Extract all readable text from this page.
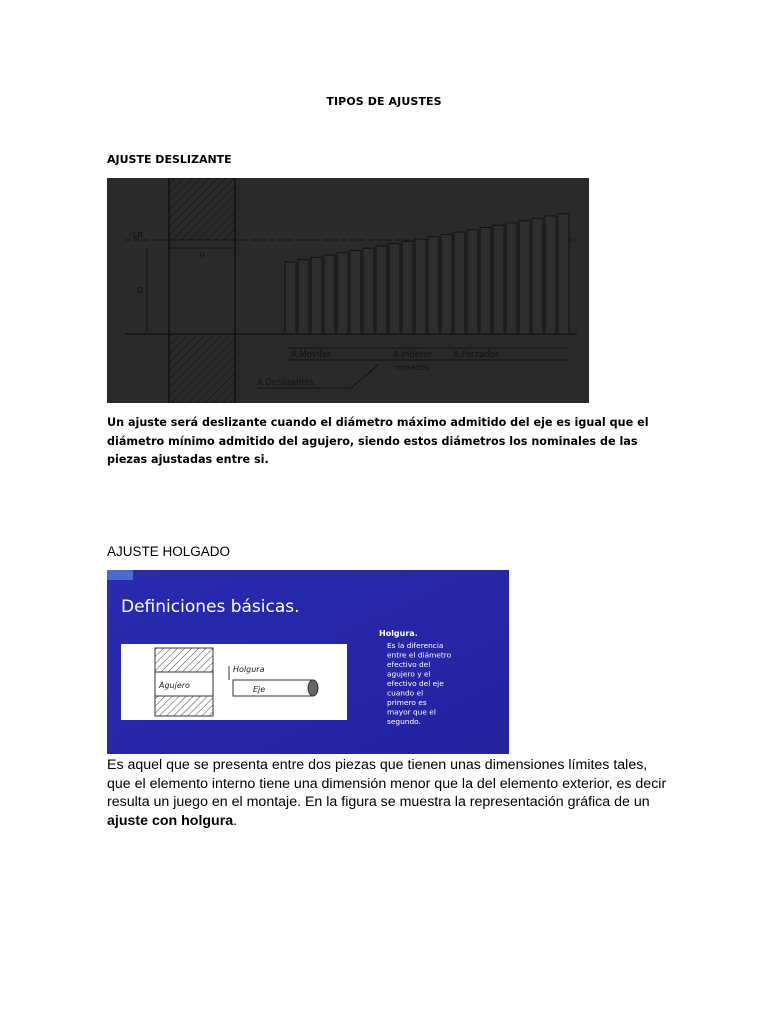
TIPOS DE AJUSTES
AJUSTE DESLIZANTE
LR
H
D
A.Moviles	A.Indeter A.Forzados
minados
A.Deslizantes
Un ajuste será deslizante cuando el diámetro máximo admitido del eje es igual que el diámetro mínimo admitido del agujero, siendo estos diámetros los nominales de las piezas ajustadas entre si.
AJUSTE HOLGADO
Definiciones básicas.
Agujero	Eje
Holgura
Holgura.
Es la diferencia
entre el diámetro
efectivo del
agujero y el
efectivo del eje
cuando el
primero es
mayor que el
segundo.
Es aquel que se presenta entre dos piezas que tienen unas dimensiones límites tales, que el elemento interno tiene una dimensión menor que la del elemento exterior, es decir resulta un juego en el montaje. En la figura se muestra la representación gráfica de un ajuste con holgura.
